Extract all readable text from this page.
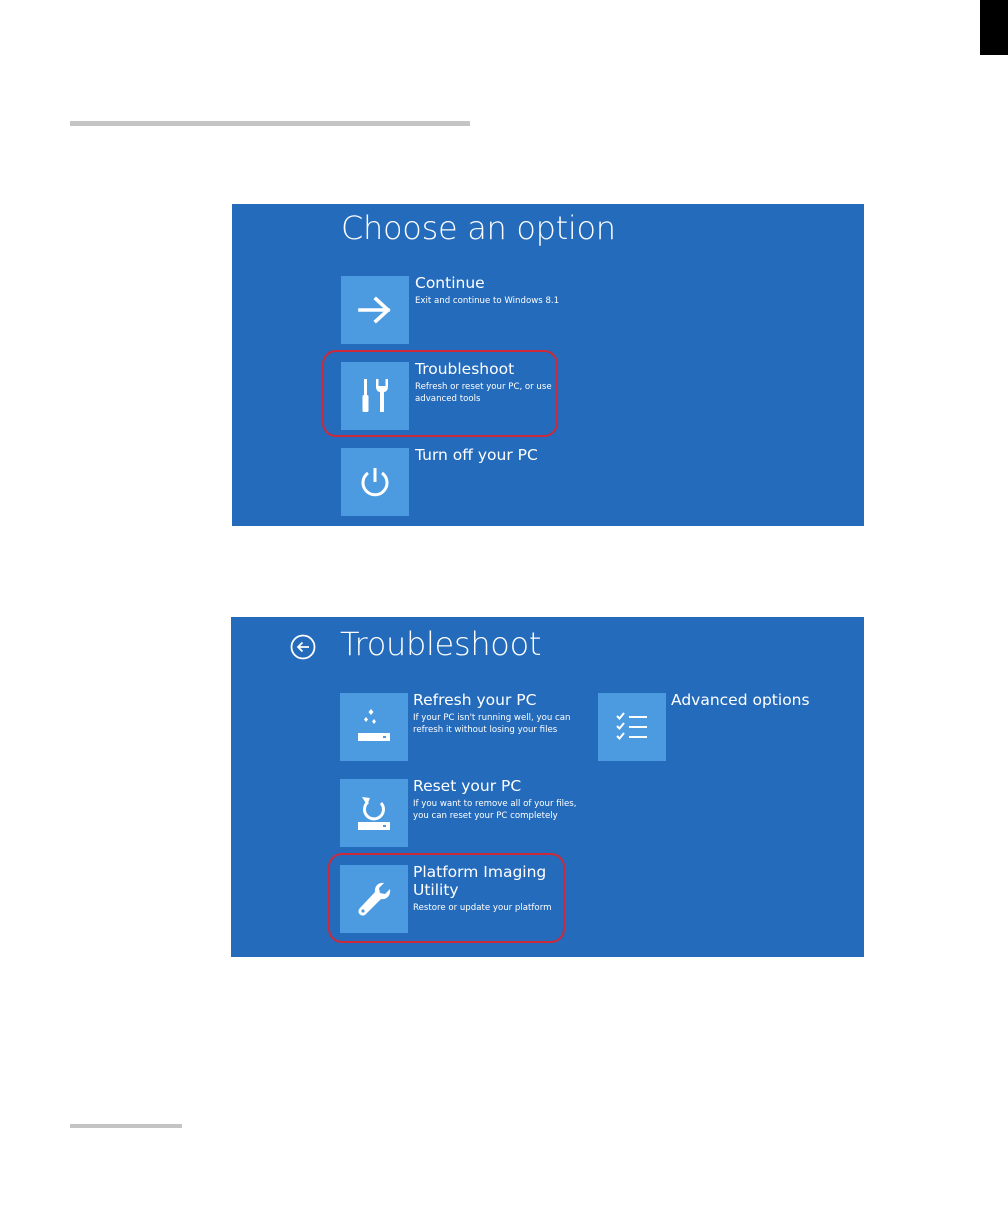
Choose an option
Continue
Exit and continue to Windows 8.1
Troubleshoot
Refresh or reset your PC, or use
advanced tools
Turn off your PC
Troubleshoot
Refresh your PC
If your PC isn't running well, you can
refresh it without losing your files
Reset your PC
If you want to remove all of your files,
you can reset your PC completely
Platform Imaging
Utility
Restore or update your platform
Advanced options
